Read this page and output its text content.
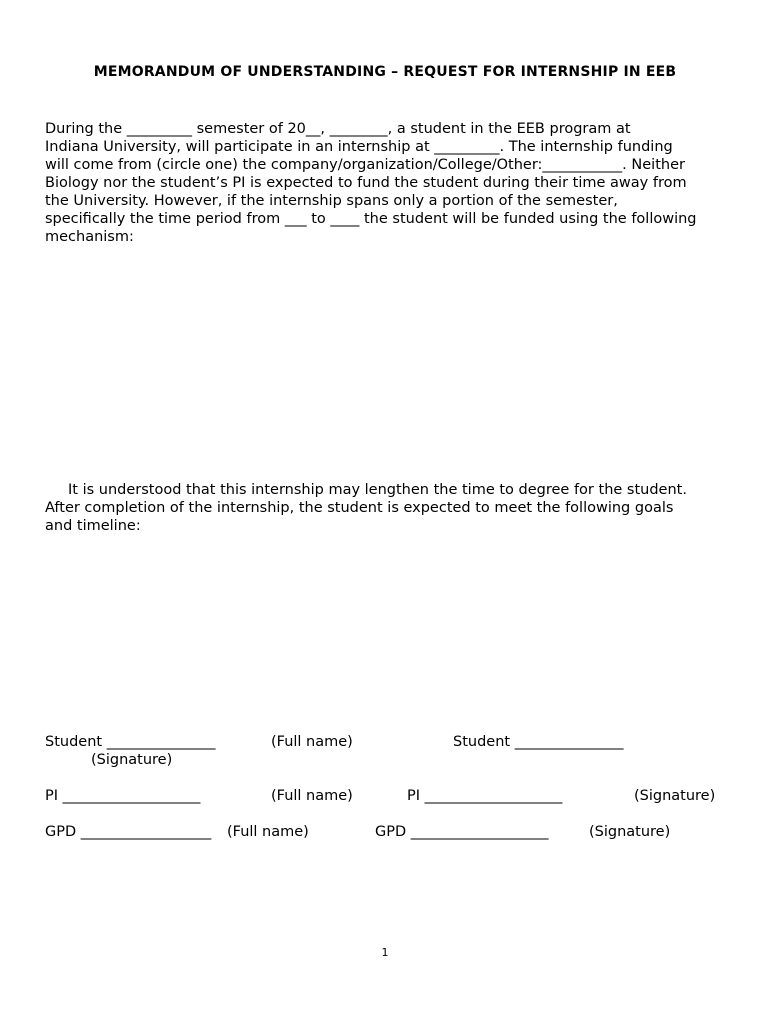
MEMORANDUM OF UNDERSTANDING – REQUEST FOR INTERNSHIP IN EEB
During the _________ semester of 20__, ________, a student in the EEB program at
Indiana University, will participate in an internship at _________. The internship funding
will come from (circle one) the company/organization/College/Other:___________. Neither
Biology nor the student’s PI is expected to fund the student during their time away from
the University. However, if the internship spans only a portion of the semester,
specifically the time period from ___ to ____ the student will be funded using the following
mechanism:
It is understood that this internship may lengthen the time to degree for the student.
After completion of the internship, the student is expected to meet the following goals
and timeline:
Student _______________	(Full name)	Student _______________
(Signature)
PI ___________________	(Full name)	PI ___________________	(Signature)
GPD __________________ (Full name)	GPD ___________________	(Signature)
1
